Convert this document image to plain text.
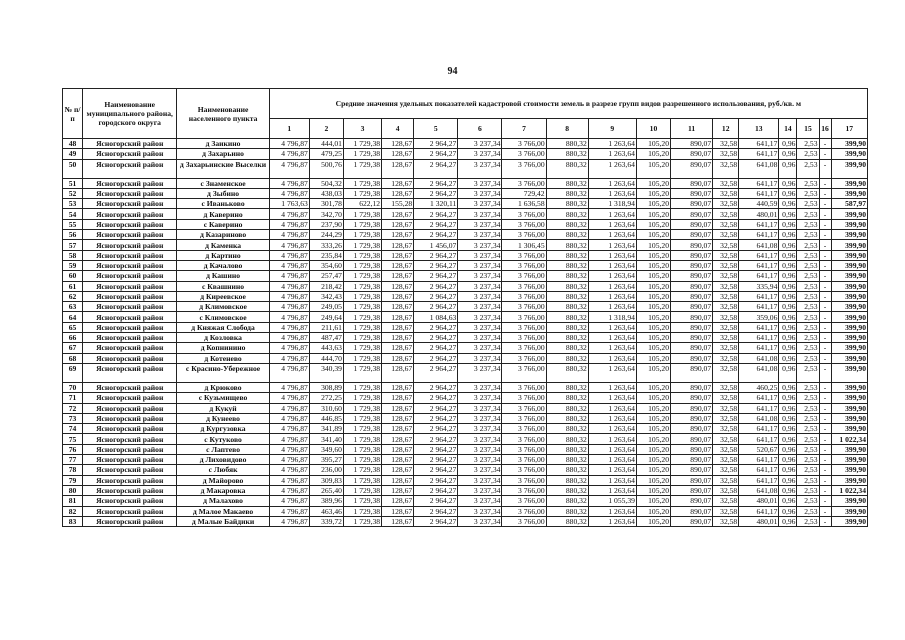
94
№ п/п	Наименование муниципального района, городского округа	Наименование населенного пункта	Средние значения удельных показателей кадастровой стоимости земель в разрезе групп видов разрешенного использования, руб./кв. м																
			1	2	3	4	5	6	7	8	9	10	11	12	13	14	15	16	17
48	Ясногорский район	д Заикино	4 796,87	444,01	1 729,38	128,67	2 964,27	3 237,34	3 766,00	880,32	1 263,64	105,20	890,07	32,58	641,17	0,96	2,53	-	399,90
49	Ясногорский район	д Захарьино	4 796,87	479,25	1 729,38	128,67	2 964,27	3 237,34	3 766,00	880,32	1 263,64	105,20	890,07	32,58	641,17	0,96	2,53	-	399,90
50	Ясногорский район	д Захарьинские Выселки	4 796,87	500,76	1 729,38	128,67	2 964,27	3 237,34	3 766,00	880,32	1 263,64	105,20	890,07	32,58	641,08	0,96	2,53	-	399,90
51	Ясногорский район	с Знаменское	4 796,87	504,32	1 729,38	128,67	2 964,27	3 237,34	3 766,00	880,32	1 263,64	105,20	890,07	32,58	641,17	0,96	2,53	-	399,90
52	Ясногорский район	д Зыбино	4 796,87	438,03	1 729,38	128,67	2 964,27	3 237,34	729,42	880,32	1 263,64	105,20	890,07	32,58	641,17	0,96	2,53	-	399,90
53	Ясногорский район	с Иваньково	1 763,63	301,78	622,12	155,28	1 320,11	3 237,34	1 636,58	880,32	1 318,94	105,20	890,07	32,58	440,59	0,96	2,53	-	587,97
54	Ясногорский район	д Каверино	4 796,87	342,70	1 729,38	128,67	2 964,27	3 237,34	3 766,00	880,32	1 263,64	105,20	890,07	32,58	480,01	0,96	2,53	-	399,90
55	Ясногорский район	с Каверино	4 796,87	237,90	1 729,38	128,67	2 964,27	3 237,34	3 766,00	880,32	1 263,64	105,20	890,07	32,58	641,17	0,96	2,53	-	399,90
56	Ясногорский район	д Казариново	4 796,87	244,29	1 729,38	128,67	2 964,27	3 237,34	3 766,00	880,32	1 263,64	105,20	890,07	32,58	641,17	0,96	2,53	-	399,90
57	Ясногорский район	д Каменка	4 796,87	333,26	1 729,38	128,67	1 456,07	3 237,34	1 306,45	880,32	1 263,64	105,20	890,07	32,58	641,08	0,96	2,53	-	399,90
58	Ясногорский район	д Картино	4 796,87	235,84	1 729,38	128,67	2 964,27	3 237,34	3 766,00	880,32	1 263,64	105,20	890,07	32,58	641,17	0,96	2,53	-	399,90
59	Ясногорский район	д Качалово	4 796,87	354,60	1 729,38	128,67	2 964,27	3 237,34	3 766,00	880,32	1 263,64	105,20	890,07	32,58	641,17	0,96	2,53	-	399,90
60	Ясногорский район	д Кашино	4 796,87	257,47	1 729,38	128,67	2 964,27	3 237,34	3 766,00	880,32	1 263,64	105,20	890,07	32,58	641,17	0,96	2,53	-	399,90
61	Ясногорский район	с Квашнино	4 796,87	218,42	1 729,38	128,67	2 964,27	3 237,34	3 766,00	880,32	1 263,64	105,20	890,07	32,58	335,94	0,96	2,53	-	399,90
62	Ясногорский район	д Киреевское	4 796,87	342,43	1 729,38	128,67	2 964,27	3 237,34	3 766,00	880,32	1 263,64	105,20	890,07	32,58	641,17	0,96	2,53	-	399,90
63	Ясногорский район	д Климовское	4 796,87	249,05	1 729,38	128,67	2 964,27	3 237,34	3 766,00	880,32	1 263,64	105,20	890,07	32,58	641,17	0,96	2,53	-	399,90
64	Ясногорский район	с Климовское	4 796,87	249,64	1 729,38	128,67	1 084,63	3 237,34	3 766,00	880,32	1 318,94	105,20	890,07	32,58	359,06	0,96	2,53	-	399,90
65	Ясногорский район	д Княжая Слобода	4 796,87	211,61	1 729,38	128,67	2 964,27	3 237,34	3 766,00	880,32	1 263,64	105,20	890,07	32,58	641,17	0,96	2,53	-	399,90
66	Ясногорский район	д Козловка	4 796,87	487,47	1 729,38	128,67	2 964,27	3 237,34	3 766,00	880,32	1 263,64	105,20	890,07	32,58	641,17	0,96	2,53	-	399,90
67	Ясногорский район	д Копнинино	4 796,87	443,63	1 729,38	128,67	2 964,27	3 237,34	3 766,00	880,32	1 263,64	105,20	890,07	32,58	641,17	0,96	2,53	-	399,90
68	Ясногорский район	д Котенево	4 796,87	444,70	1 729,38	128,67	2 964,27	3 237,34	3 766,00	880,32	1 263,64	105,20	890,07	32,58	641,08	0,96	2,53	-	399,90
69	Ясногорский район	с Красино-Убережное	4 796,87	340,39	1 729,38	128,67	2 964,27	3 237,34	3 766,00	880,32	1 263,64	105,20	890,07	32,58	641,08	0,96	2,53	-	399,90
70	Ясногорский район	д Крюково	4 796,87	308,89	1 729,38	128,67	2 964,27	3 237,34	3 766,00	880,32	1 263,64	105,20	890,07	32,58	460,25	0,96	2,53	-	399,90
71	Ясногорский район	с Кузьмищево	4 796,87	272,25	1 729,38	128,67	2 964,27	3 237,34	3 766,00	880,32	1 263,64	105,20	890,07	32,58	641,17	0,96	2,53	-	399,90
72	Ясногорский район	д Кукуй	4 796,87	310,60	1 729,38	128,67	2 964,27	3 237,34	3 766,00	880,32	1 263,64	105,20	890,07	32,58	641,17	0,96	2,53	-	399,90
73	Ясногорский район	д Кунеево	4 796,87	446,85	1 729,38	128,67	2 964,27	3 237,34	3 766,00	880,32	1 263,64	105,20	890,07	32,58	641,08	0,96	2,53	-	399,90
74	Ясногорский район	д Кургузовка	4 796,87	341,89	1 729,38	128,67	2 964,27	3 237,34	3 766,00	880,32	1 263,64	105,20	890,07	32,58	641,17	0,96	2,53	-	399,90
75	Ясногорский район	с Кутуково	4 796,87	341,40	1 729,38	128,67	2 964,27	3 237,34	3 766,00	880,32	1 263,64	105,20	890,07	32,58	641,17	0,96	2,53	-	1 022,34
76	Ясногорский район	с Лаптево	4 796,87	349,60	1 729,38	128,67	2 964,27	3 237,34	3 766,00	880,32	1 263,64	105,20	890,07	32,58	520,67	0,96	2,53	-	399,90
77	Ясногорский район	д Лиховидово	4 796,87	395,27	1 729,38	128,67	2 964,27	3 237,34	3 766,00	880,32	1 263,64	105,20	890,07	32,58	641,17	0,96	2,53	-	399,90
78	Ясногорский район	с Любяк	4 796,87	236,00	1 729,38	128,67	2 964,27	3 237,34	3 766,00	880,32	1 263,64	105,20	890,07	32,58	641,17	0,96	2,53	-	399,90
79	Ясногорский район	д Майорово	4 796,87	309,83	1 729,38	128,67	2 964,27	3 237,34	3 766,00	880,32	1 263,64	105,20	890,07	32,58	641,17	0,96	2,53	-	399,90
80	Ясногорский район	д Макаровка	4 796,87	265,40	1 729,38	128,67	2 964,27	3 237,34	3 766,00	880,32	1 263,64	105,20	890,07	32,58	641,08	0,96	2,53	-	1 022,34
81	Ясногорский район	д Малахово	4 796,87	389,96	1 729,38	128,67	2 964,27	3 237,34	3 766,00	880,32	1 055,39	105,20	890,07	32,58	480,01	0,96	2,53	-	399,90
82	Ясногорский район	д Малое Макаево	4 796,87	463,46	1 729,38	128,67	2 964,27	3 237,34	3 766,00	880,32	1 263,64	105,20	890,07	32,58	641,17	0,96	2,53	-	399,90
83	Ясногорский район	д Малые Байдики	4 796,87	339,72	1 729,38	128,67	2 964,27	3 237,34	3 766,00	880,32	1 263,64	105,20	890,07	32,58	480,01	0,96	2,53	-	399,90
